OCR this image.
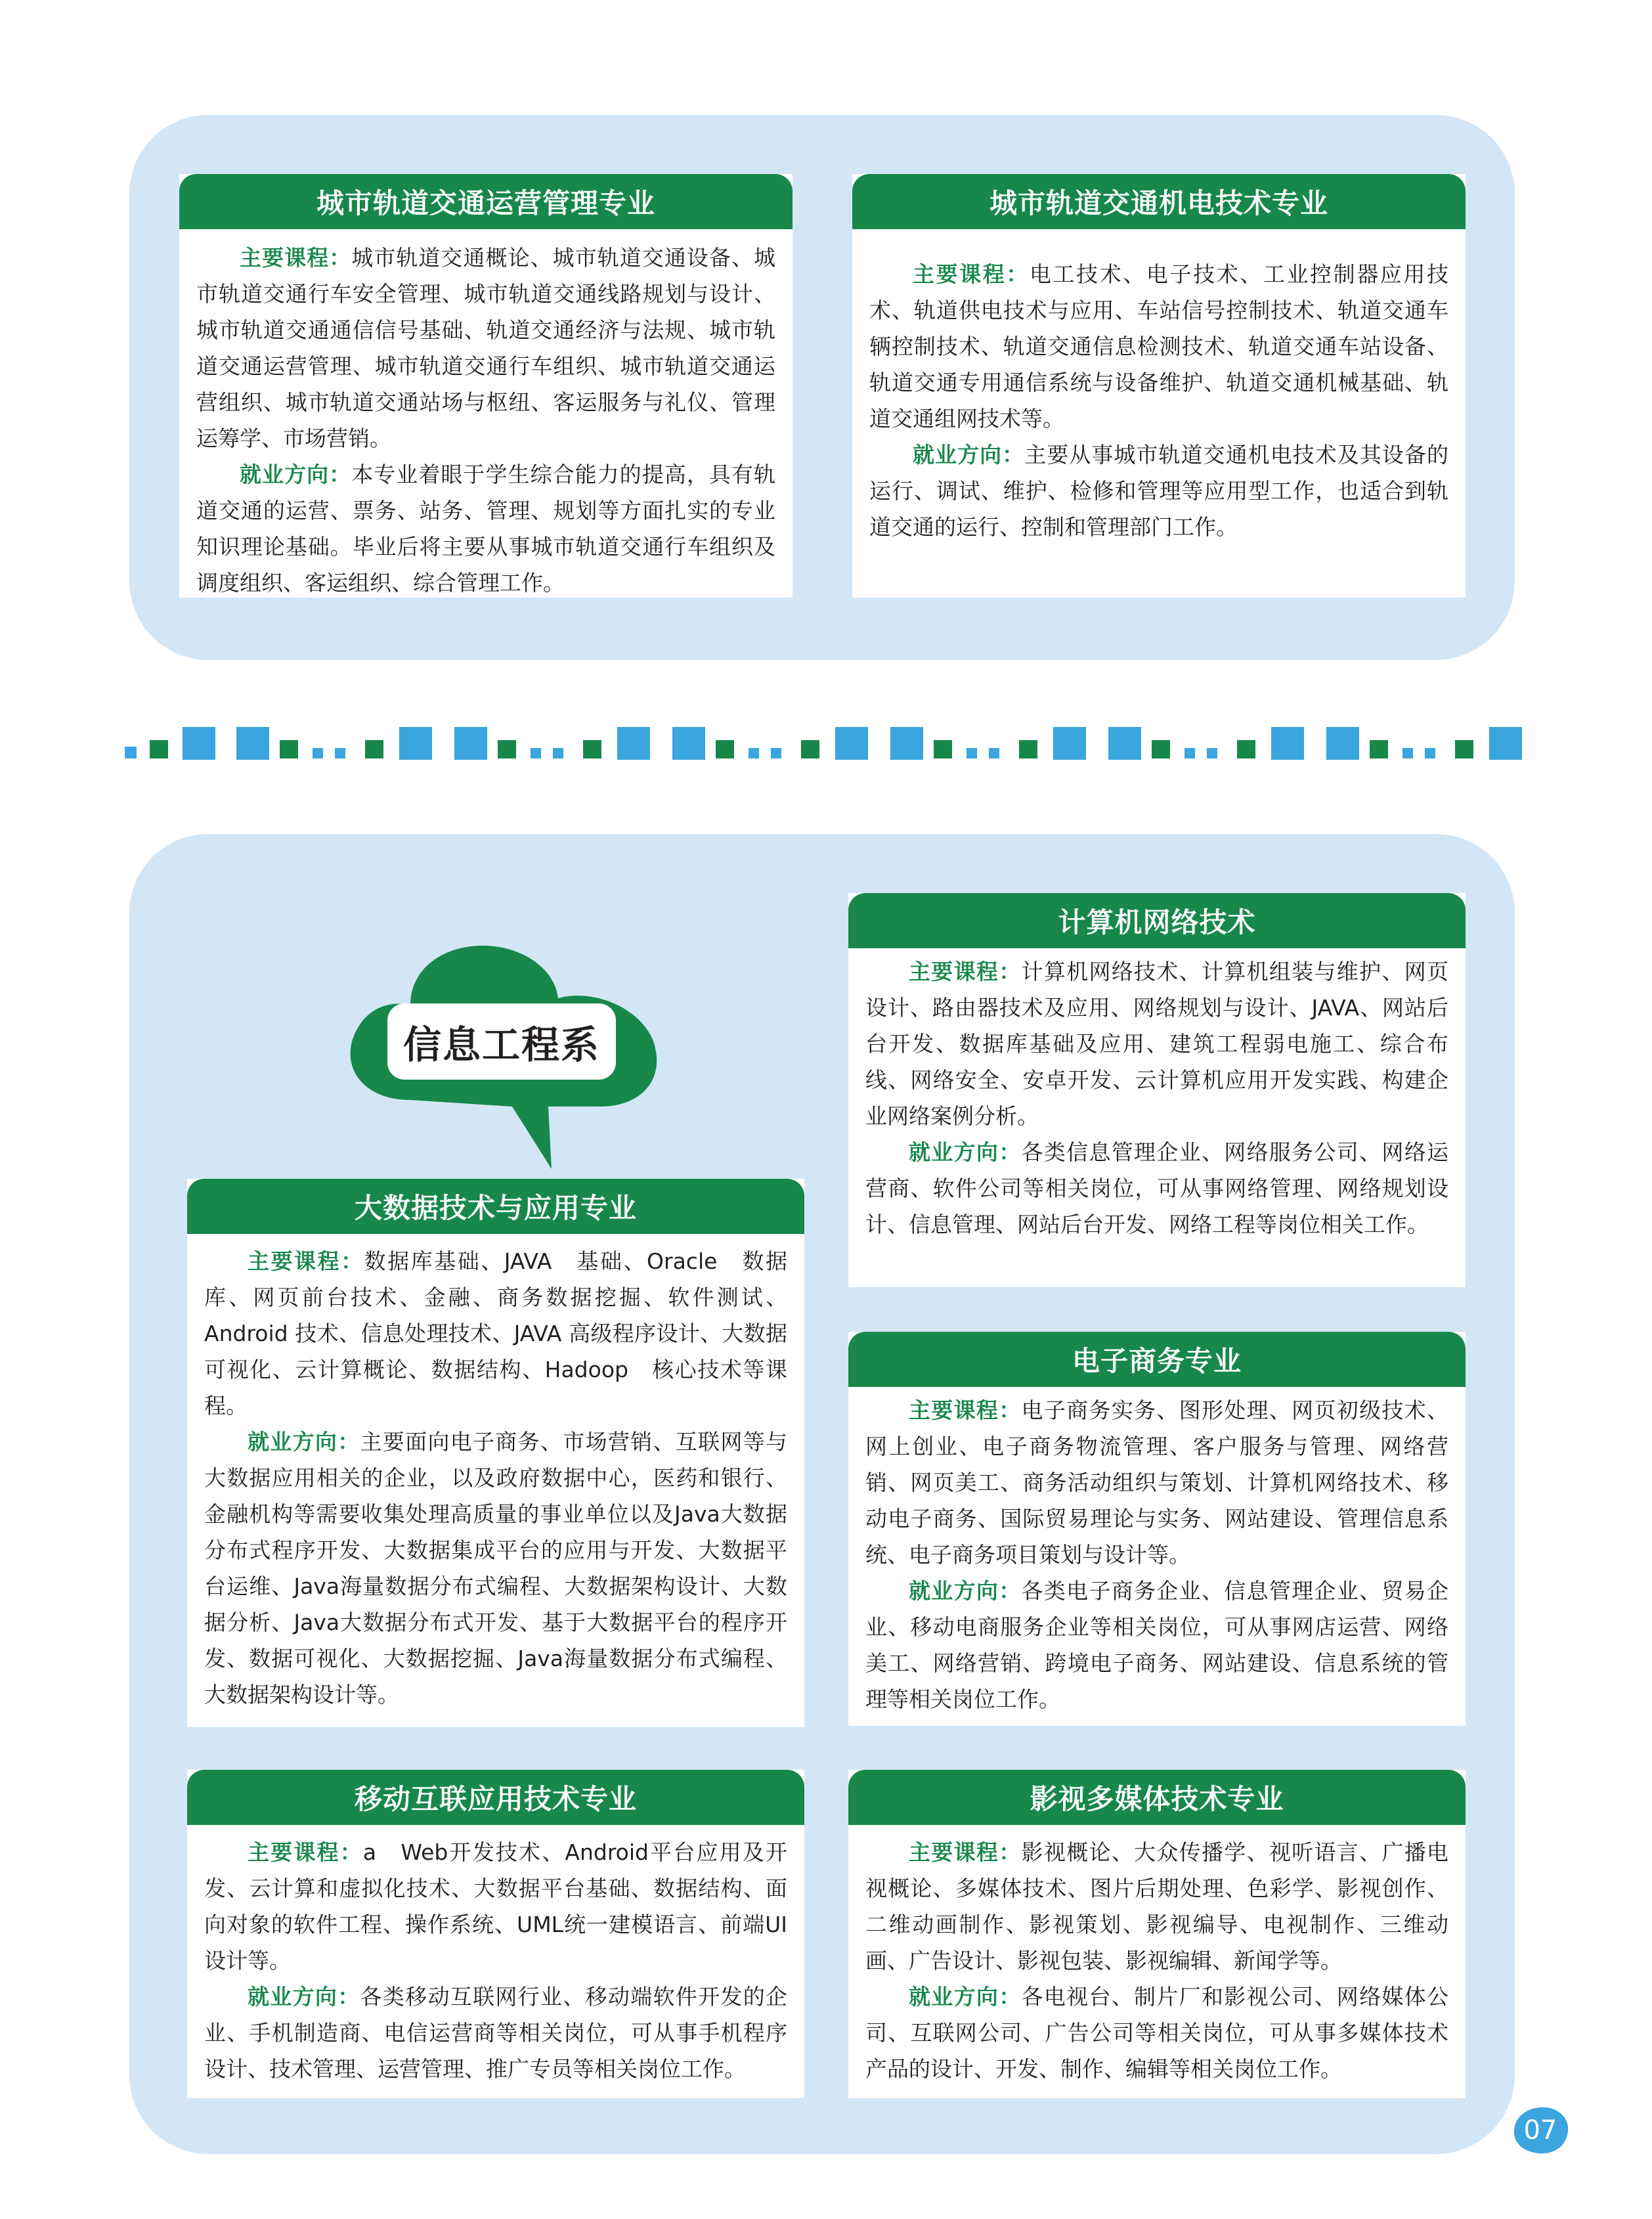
城市轨道交通运营管理专业

主要课程：城市轨道交通概论、城市轨道交通设备、城市轨道交通行车安全管理、城市轨道交通线路规划与设计、城市轨道交通通信信号基础、轨道交通经济与法规、城市轨道交通运营管理、城市轨道交通行车组织、城市轨道交通运营组织、城市轨道交通站场与枢纽、客运服务与礼仪、管理运筹学、市场营销。

就业方向：本专业着眼于学生综合能力的提高，具有轨道交通的运营、票务、站务、管理、规划等方面扎实的专业知识理论基础。毕业后将主要从事城市轨道交通行车组织及调度组织、客运组织、综合管理工作。

城市轨道交通机电技术专业

主要课程：电工技术、电子技术、工业控制器应用技术、轨道供电技术与应用、车站信号控制技术、轨道交通车辆控制技术、轨道交通信息检测技术、轨道交通车站设备、轨道交通专用通信系统与设备维护、轨道交通机械基础、轨道交通组网技术等。

就业方向：主要从事城市轨道交通机电技术及其设备的运行、调试、维护、检修和管理等应用型工作，也适合到轨道交通的运行、控制和管理部门工作。

信息工程系
计算机网络技术

主要课程：计算机网络技术、计算机组装与维护、网页设计、路由器技术及应用、网络规划与设计、JAVA、网站后台开发、数据库基础及应用、建筑工程弱电施工、综合布线、网络安全、安卓开发、云计算机应用开发实践、构建企业网络案例分析。

就业方向：各类信息管理企业、网络服务公司、网络运营商、软件公司等相关岗位，可从事网络管理、网络规划设计、信息管理、网站后台开发、网络工程等岗位相关工作。

大数据技术与应用专业

主要课程：数据库基础、JAVA　基础、Oracle　数据库、网页前台技术、金融、商务数据挖掘、软件测试、Android 技术、信息处理技术、JAVA 高级程序设计、大数据可视化、云计算概论、数据结构、Hadoop　核心技术等课程。

就业方向：主要面向电子商务、市场营销、互联网等与大数据应用相关的企业，以及政府数据中心，医药和银行、金融机构等需要收集处理高质量的事业单位以及Java大数据分布式程序开发、大数据集成平台的应用与开发、大数据平台运维、Java海量数据分布式编程、大数据架构设计、大数据分析、Java大数据分布式开发、基于大数据平台的程序开发、数据可视化、大数据挖掘、Java海量数据分布式编程、大数据架构设计等。

电子商务专业

主要课程：电子商务实务、图形处理、网页初级技术、网上创业、电子商务物流管理、客户服务与管理、网络营销、网页美工、商务活动组织与策划、计算机网络技术、移动电子商务、国际贸易理论与实务、网站建设、管理信息系统、电子商务项目策划与设计等。

就业方向：各类电子商务企业、信息管理企业、贸易企业、移动电商服务企业等相关岗位，可从事网店运营、网络美工、网络营销、跨境电子商务、网站建设、信息系统的管理等相关岗位工作。

移动互联应用技术专业

主要课程：a　Web开发技术、Android平台应用及开发、云计算和虚拟化技术、大数据平台基础、数据结构、面向对象的软件工程、操作系统、UML统一建模语言、前端UI设计等。

就业方向：各类移动互联网行业、移动端软件开发的企业、手机制造商、电信运营商等相关岗位，可从事手机程序设计、技术管理、运营管理、推广专员等相关岗位工作。

影视多媒体技术专业

主要课程：影视概论、大众传播学、视听语言、广播电视概论、多媒体技术、图片后期处理、色彩学、影视创作、二维动画制作、影视策划、影视编导、电视制作、三维动画、广告设计、影视包装、影视编辑、新闻学等。

就业方向：各电视台、制片厂和影视公司、网络媒体公司、互联网公司、广告公司等相关岗位，可从事多媒体技术产品的设计、开发、制作、编辑等相关岗位工作。

07
